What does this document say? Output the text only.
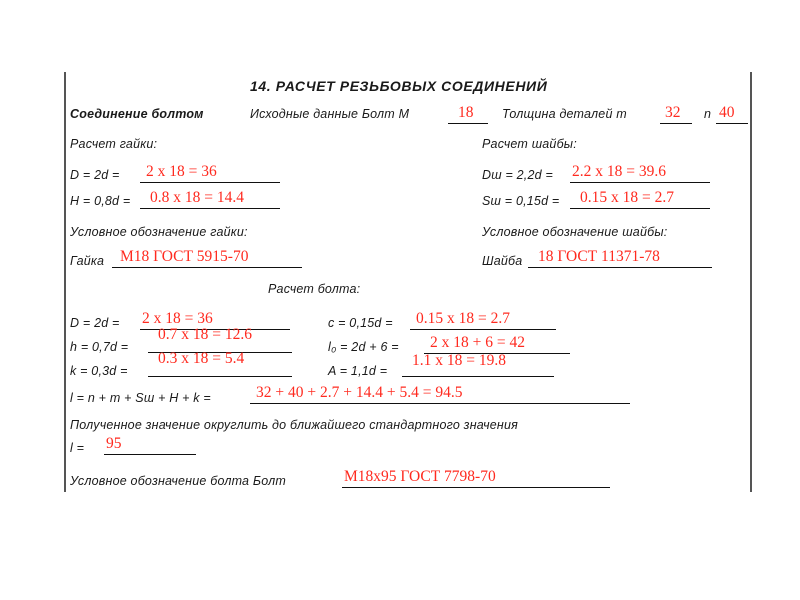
14. РАСЧЕТ РЕЗЬБОВЫХ СОЕДИНЕНИЙ
Соединение болтом	Исходные данные Болт М	18 Толщина деталей m 32 n 40
Расчет гайки:	Расчет шайбы:
D = 2d = 2 x 18 = 36
H = 0,8d = 0.8 x 18 = 14.4
Dш = 2,2d = 2.2 x 18 = 39.6
Sш = 0,15d = 0.15 x 18 = 2.7
Условное обозначение гайки:	Условное обозначение шайбы:
Гайка М18 ГОСТ 5915-70	Шайба 18 ГОСТ 11371-78
Расчет болта:
D = 2d = 2 x 18 = 36
h = 0,7d =
0.7 x 18 = 12.6
k = 0,3d =
0.3 x 18 = 5.4
c = 0,15d = 0.15 x 18 = 2.7
l₀ = 2d + 6 = 2 x 18 + 6 = 42
A = 1,1d =
1.1 x 18 = 19.8
l = n + m + Sш + H + k =	32 + 40 + 2.7 + 14.4 + 5.4 = 94.5
Полученное значение округлить до ближайшего стандартного значения
l = 95
Условное обозначение болта Болт	М18х95 ГОСТ 7798-70
